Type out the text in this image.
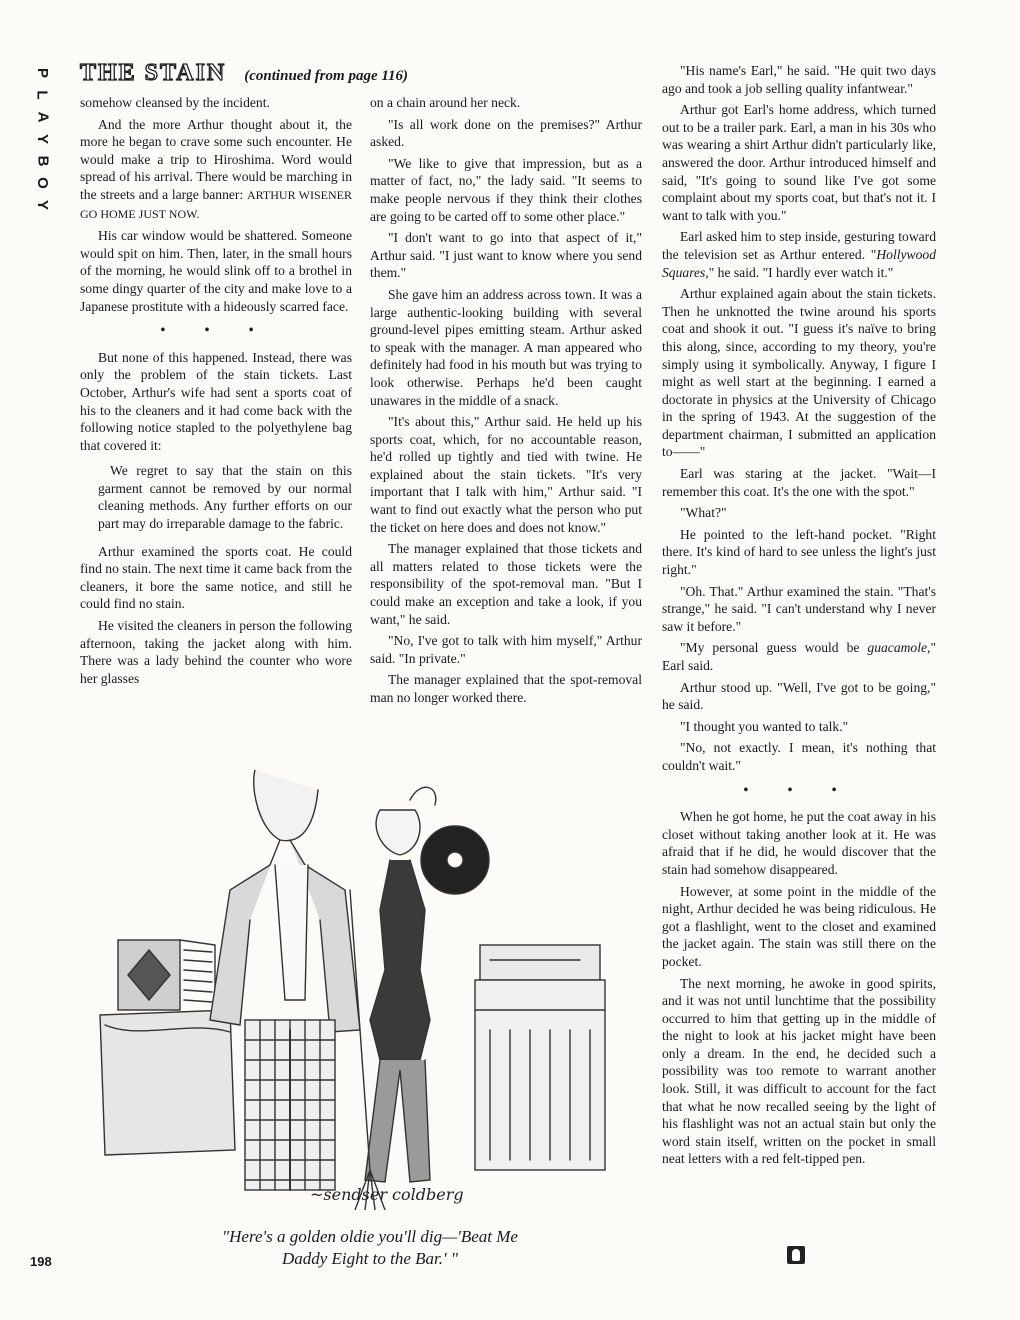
P
L
A
Y
B
O
Y
THE STAIN (continued from page 116)

somehow cleansed by the incident.

And the more Arthur thought about it, the more he began to crave some such encounter. He would make a trip to Hiroshima. Word would spread of his arrival. There would be marching in the streets and a large banner: ARTHUR WISENER GO HOME JUST NOW.

His car window would be shattered. Someone would spit on him. Then, later, in the small hours of the morning, he would slink off to a brothel in some dingy quarter of the city and make love to a Japanese prostitute with a hideously scarred face.

• • •

But none of this happened. Instead, there was only the problem of the stain tickets. Last October, Arthur's wife had sent a sports coat of his to the cleaners and it had come back with the following notice stapled to the polyethylene bag that covered it:

We regret to say that the stain on this garment cannot be removed by our normal cleaning methods. Any further efforts on our part may do irreparable damage to the fabric.

Arthur examined the sports coat. He could find no stain. The next time it came back from the cleaners, it bore the same notice, and still he could find no stain.

He visited the cleaners in person the following afternoon, taking the jacket along with him. There was a lady behind the counter who wore her glasses

on a chain around her neck.

"Is all work done on the premises?" Arthur asked.

"We like to give that impression, but as a matter of fact, no," the lady said. "It seems to make people nervous if they think their clothes are going to be carted off to some other place."

"I don't want to go into that aspect of it," Arthur said. "I just want to know where you send them."

She gave him an address across town. It was a large authentic-looking building with several ground-level pipes emitting steam. Arthur asked to speak with the manager. A man appeared who definitely had food in his mouth but was trying to look otherwise. Perhaps he'd been caught unawares in the middle of a snack.

"It's about this," Arthur said. He held up his sports coat, which, for no accountable reason, he'd rolled up tightly and tied with twine. He explained about the stain tickets. "It's very important that I talk with him," Arthur said. "I want to find out exactly what the person who put the ticket on here does and does not know."

The manager explained that those tickets and all matters related to those tickets were the responsibility of the spot-removal man. "But I could make an exception and take a look, if you want," he said.

"No, I've got to talk with him myself," Arthur said. "In private."

The manager explained that the spot-removal man no longer worked there.

"His name's Earl," he said. "He quit two days ago and took a job selling quality infantwear."

Arthur got Earl's home address, which turned out to be a trailer park. Earl, a man in his 30s who was wearing a shirt Arthur didn't particularly like, answered the door. Arthur introduced himself and said, "It's going to sound like I've got some complaint about my sports coat, but that's not it. I want to talk with you."

Earl asked him to step inside, gesturing toward the television set as Arthur entered. "Hollywood Squares," he said. "I hardly ever watch it."

Arthur explained again about the stain tickets. Then he unknotted the twine around his sports coat and shook it out. "I guess it's naïve to bring this along, since, according to my theory, you're simply using it symbolically. Anyway, I figure I might as well start at the beginning. I earned a doctorate in physics at the University of Chicago in the spring of 1943. At the suggestion of the department chairman, I submitted an application to——"

Earl was staring at the jacket. "Wait—I remember this coat. It's the one with the spot."

"What?"

He pointed to the left-hand pocket. "Right there. It's kind of hard to see unless the light's just right."

"Oh. That." Arthur examined the stain. "That's strange," he said. "I can't understand why I never saw it before."

"My personal guess would be guacamole," Earl said.

Arthur stood up. "Well, I've got to be going," he said.

"I thought you wanted to talk."

"No, not exactly. I mean, it's nothing that couldn't wait."

• • •

When he got home, he put the coat away in his closet without taking another look at it. He was afraid that if he did, he would discover that the stain had somehow disappeared.

However, at some point in the middle of the night, Arthur decided he was being ridiculous. He got a flashlight, went to the closet and examined the jacket again. The stain was still there on the pocket.

The next morning, he awoke in good spirits, and it was not until lunchtime that the possibility occurred to him that getting up in the middle of the night to look at his jacket might have been only a dream. In the end, he decided such a possibility was too remote to warrant another look. Still, it was difficult to account for the fact that what he now recalled seeing by the light of his flashlight was not an actual stain but only the word stain itself, written on the pocket in small neat letters with a red felt-tipped pen.

~sendser coldberg
"Here's a golden oldie you'll dig—'Beat Me
Daddy Eight to the Bar.' "
198
